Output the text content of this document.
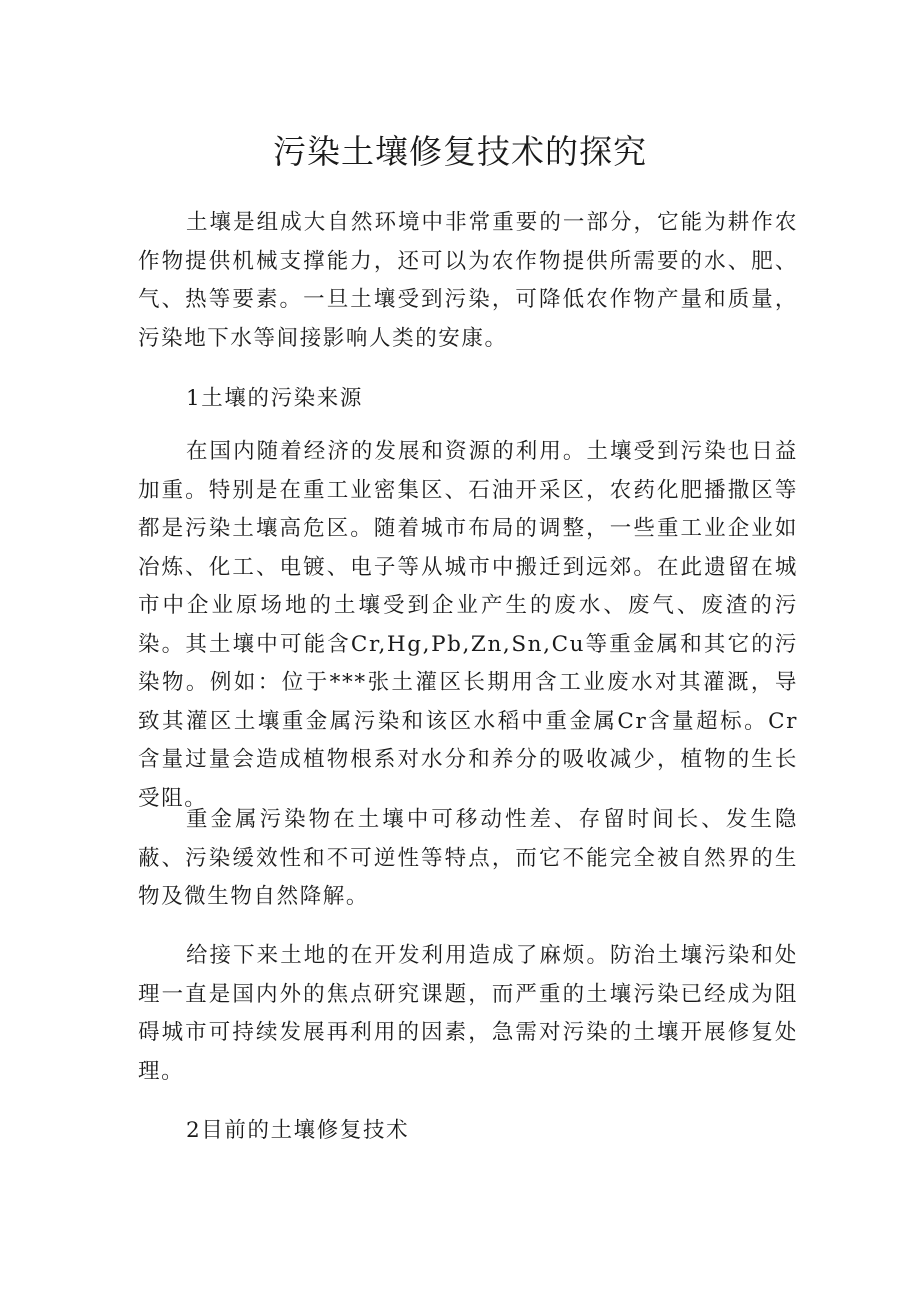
污染土壤修复技术的探究

土壤是组成大自然环境中非常重要的一部分，它能为耕作农作物提供机械支撑能力，还可以为农作物提供所需要的水、肥、气、热等要素。一旦土壤受到污染，可降低农作物产量和质量，污染地下水等间接影响人类的安康。

1土壤的污染来源

在国内随着经济的发展和资源的利用。土壤受到污染也日益加重。特别是在重工业密集区、石油开采区，农药化肥播撒区等都是污染土壤高危区。随着城市布局的调整，一些重工业企业如冶炼、化工、电镀、电子等从城市中搬迁到远郊。在此遗留在城市中企业原场地的土壤受到企业产生的废水、废气、废渣的污染。其土壤中可能含Cr,Hg,Pb,Zn,Sn,Cu等重金属和其它的污染物。例如：位于***张土灌区长期用含工业废水对其灌溉，导致其灌区土壤重金属污染和该区水稻中重金属Cr含量超标。Cr含量过量会造成植物根系对水分和养分的吸收减少，植物的生长受阻。

重金属污染物在土壤中可移动性差、存留时间长、发生隐蔽、污染缓效性和不可逆性等特点，而它不能完全被自然界的生物及微生物自然降解。

给接下来土地的在开发利用造成了麻烦。防治土壤污染和处理一直是国内外的焦点研究课题，而严重的土壤污染已经成为阻碍城市可持续发展再利用的因素，急需对污染的土壤开展修复处理。

2目前的土壤修复技术
